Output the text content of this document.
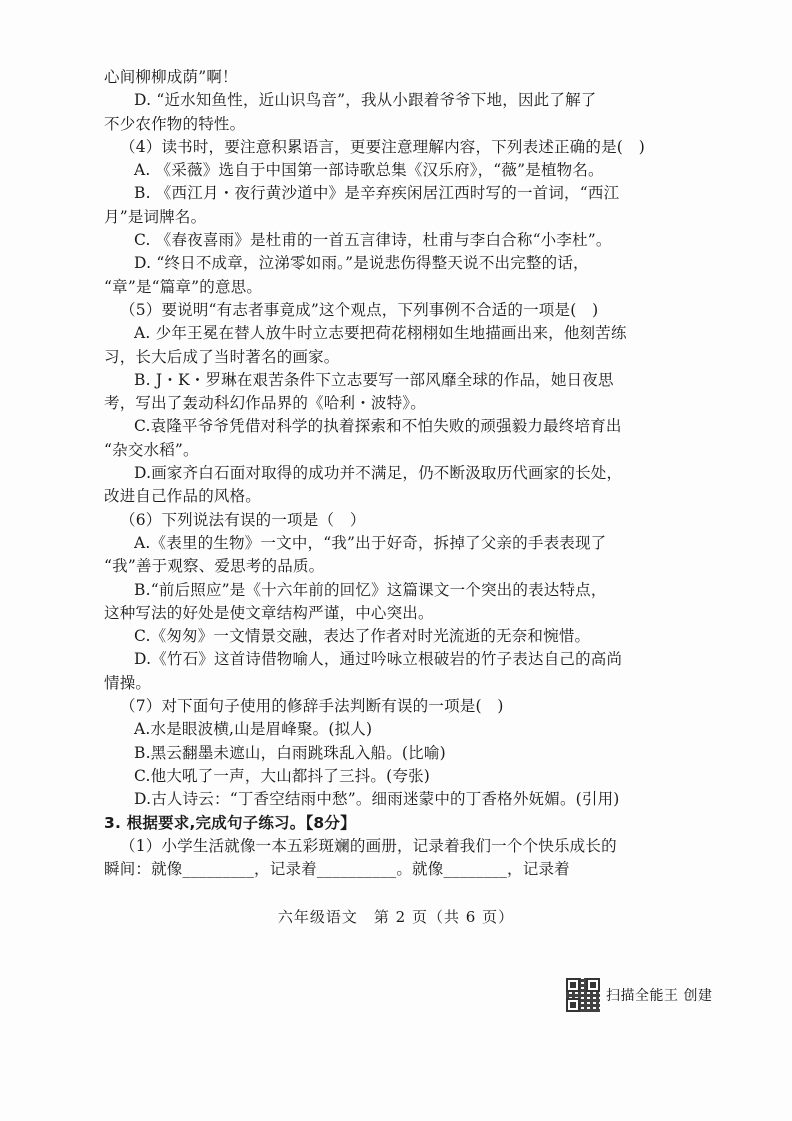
心间柳柳成荫”啊！
D. “近水知鱼性，近山识鸟音”，我从小跟着爷爷下地，因此了解了
不少农作物的特性。
（4）读书时，要注意积累语言，更要注意理解内容，下列表述正确的是(　)
A. 《采薇》选自于中国第一部诗歌总集《汉乐府》，“薇”是植物名。
B. 《西江月・夜行黄沙道中》是辛弃疾闲居江西时写的一首词，“西江
月”是词牌名。
C. 《春夜喜雨》是杜甫的一首五言律诗，杜甫与李白合称“小李杜”。
D. “终日不成章，泣涕零如雨。”是说悲伤得整天说不出完整的话，
“章”是“篇章”的意思。
（5）要说明“有志者事竟成”这个观点，下列事例不合适的一项是(　)
A. 少年王冕在替人放牛时立志要把荷花栩栩如生地描画出来，他刻苦练
习，长大后成了当时著名的画家。
B. J・K・罗琳在艰苦条件下立志要写一部风靡全球的作品，她日夜思
考，写出了轰动科幻作品界的《哈利・波特》。
C.袁隆平爷爷凭借对科学的执着探索和不怕失败的顽强毅力最终培育出
“杂交水稻”。
D.画家齐白石面对取得的成功并不满足，仍不断汲取历代画家的长处，
改进自己作品的风格。
（6）下列说法有误的一项是（　）
A.《表里的生物》一文中，“我”出于好奇，拆掉了父亲的手表表现了
“我”善于观察、爱思考的品质。
B.“前后照应”是《十六年前的回忆》这篇课文一个突出的表达特点，
这种写法的好处是使文章结构严谨，中心突出。
C.《匆匆》一文情景交融，表达了作者对时光流逝的无奈和惋惜。
D.《竹石》这首诗借物喻人，通过吟咏立根破岩的竹子表达自己的高尚
情操。
（7）对下面句子使用的修辞手法判断有误的一项是(　)
A.水是眼波横,山是眉峰聚。(拟人)
B.黑云翻墨未遮山，白雨跳珠乱入船。(比喻)
C.他大吼了一声，大山都抖了三抖。(夸张)
D.古人诗云：“丁香空结雨中愁”。细雨迷蒙中的丁香格外妩媚。(引用)
3. 根据要求,完成句子练习。【8分】
（1）小学生活就像一本五彩斑斓的画册，记录着我们一个个快乐成长的
瞬间：就像_________，记录着__________。就像________，记录着
六年级语文　第 2 页（共 6 页）
扫描全能王 创建
